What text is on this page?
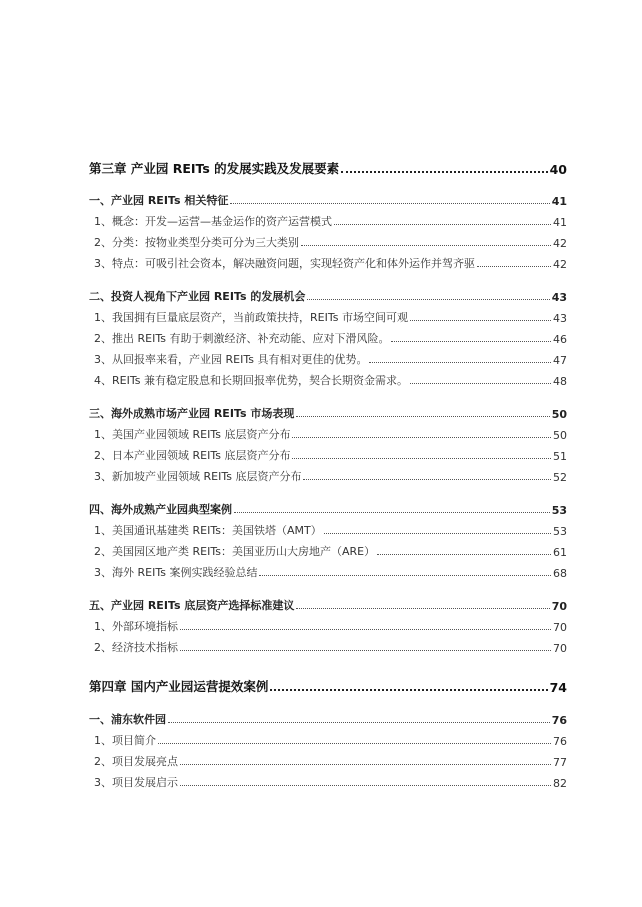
第三章 产业园 REITs 的发展实践及发展要素	40
一、产业园 REITs 相关特征	41
1、概念：开发—运营—基金运作的资产运营模式	41
2、分类：按物业类型分类可分为三大类别	42
3、特点：可吸引社会资本，解决融资问题，实现轻资产化和体外运作并驾齐驱	42
二、投资人视角下产业园 REITs 的发展机会	43
1、我国拥有巨量底层资产，当前政策扶持，REITs 市场空间可观	43
2、推出 REITs 有助于刺激经济、补充动能、应对下滑风险。	46
3、从回报率来看，产业园 REITs 具有相对更佳的优势。	47
4、REITs 兼有稳定股息和长期回报率优势，契合长期资金需求。	48
三、海外成熟市场产业园 REITs 市场表现	50
1、美国产业园领域 REITs 底层资产分布	50
2、日本产业园领域 REITs 底层资产分布	51
3、新加坡产业园领域 REITs 底层资产分布	52
四、海外成熟产业园典型案例	53
1、美国通讯基建类 REITs：美国铁塔（AMT）	53
2、美国园区地产类 REITs：美国亚历山大房地产（ARE）	61
3、海外 REITs 案例实践经验总结	68
五、产业园 REITs 底层资产选择标准建议	70
1、外部环境指标	70
2、经济技术指标	70
第四章 国内产业园运营提效案例	74
一、浦东软件园	76
1、项目简介	76
2、项目发展亮点	77
3、项目发展启示	82
